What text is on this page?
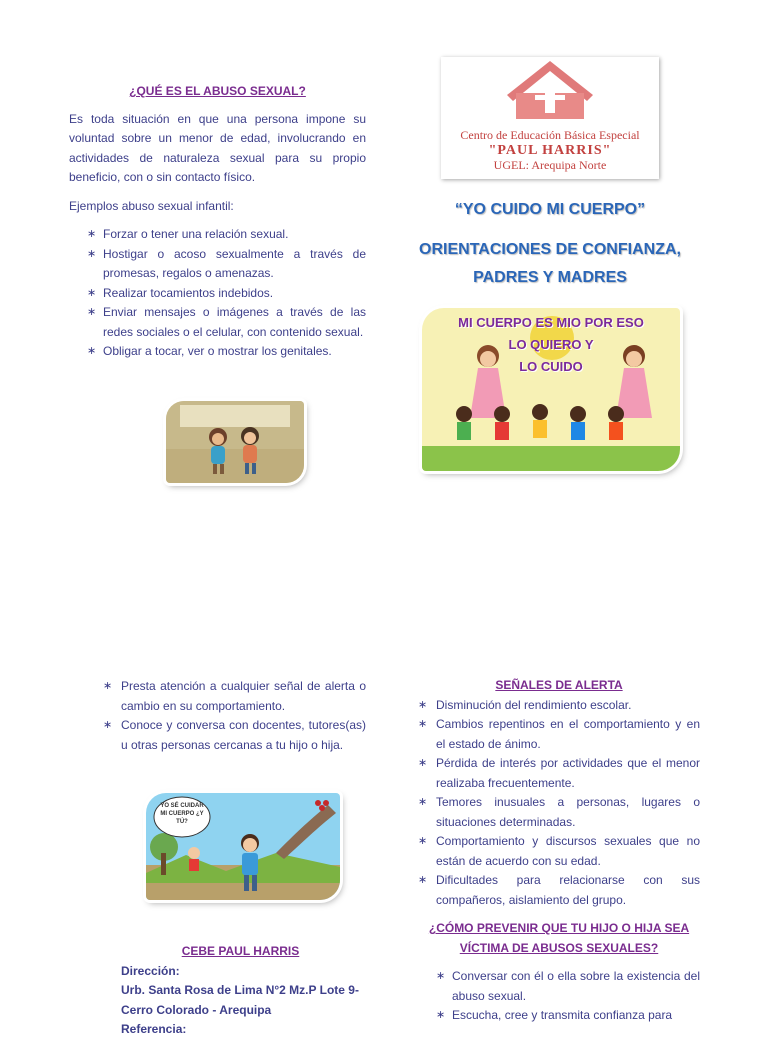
¿QUÉ ES EL ABUSO SEXUAL?

Es toda situación en que una persona impone su voluntad sobre un menor de edad, involucrando en actividades de naturaleza sexual para su propio beneficio, con o sin contacto físico.

Ejemplos abuso sexual infantil:

∗ Forzar o tener una relación sexual.
∗ Hostigar o acoso sexualmente a través de promesas, regalos o amenazas.
∗ Realizar tocamientos indebidos.
∗ Enviar mensajes o imágenes a través de las redes sociales o el celular, con contenido sexual.
∗ Obligar a tocar, ver o mostrar los genitales.
Centro de Educación Básica Especial
"PAUL HARRIS"
UGEL: Arequipa Norte
“YO CUIDO MI CUERPO”
ORIENTACIONES DE CONFIANZA,
PADRES Y MADRES
MI CUERPO ES MIO POR ESO
LO QUIERO Y
LO CUIDO
∗ Presta atención a cualquier señal de alerta o cambio en su comportamiento.
∗ Conoce y conversa con docentes, tutores(as) u otras personas cercanas a tu hijo o hija.
YO SÉ CUIDAR MI CUERPO ¿Y TÚ?

CEBE PAUL HARRIS

Dirección:

Urb. Santa Rosa de Lima N°2 Mz.P Lote 9-

Cerro Colorado - Arequipa

Referencia:

SEÑALES DE ALERTA

∗ Disminución del rendimiento escolar.
∗ Cambios repentinos en el comportamiento y en el estado de ánimo.
∗ Pérdida de interés por actividades que el menor realizaba frecuentemente.
∗ Temores inusuales a personas, lugares o situaciones determinadas.
∗ Comportamiento y discursos sexuales que no están de acuerdo con su edad.
∗ Dificultades para relacionarse con sus compañeros, aislamiento del grupo.

¿CÓMO PREVENIR QUE TU HIJO O HIJA SEA
VÍCTIMA DE ABUSOS SEXUALES?

∗ Conversar con él o ella sobre la existencia del abuso sexual.
∗ Escucha, cree y transmita confianza para
